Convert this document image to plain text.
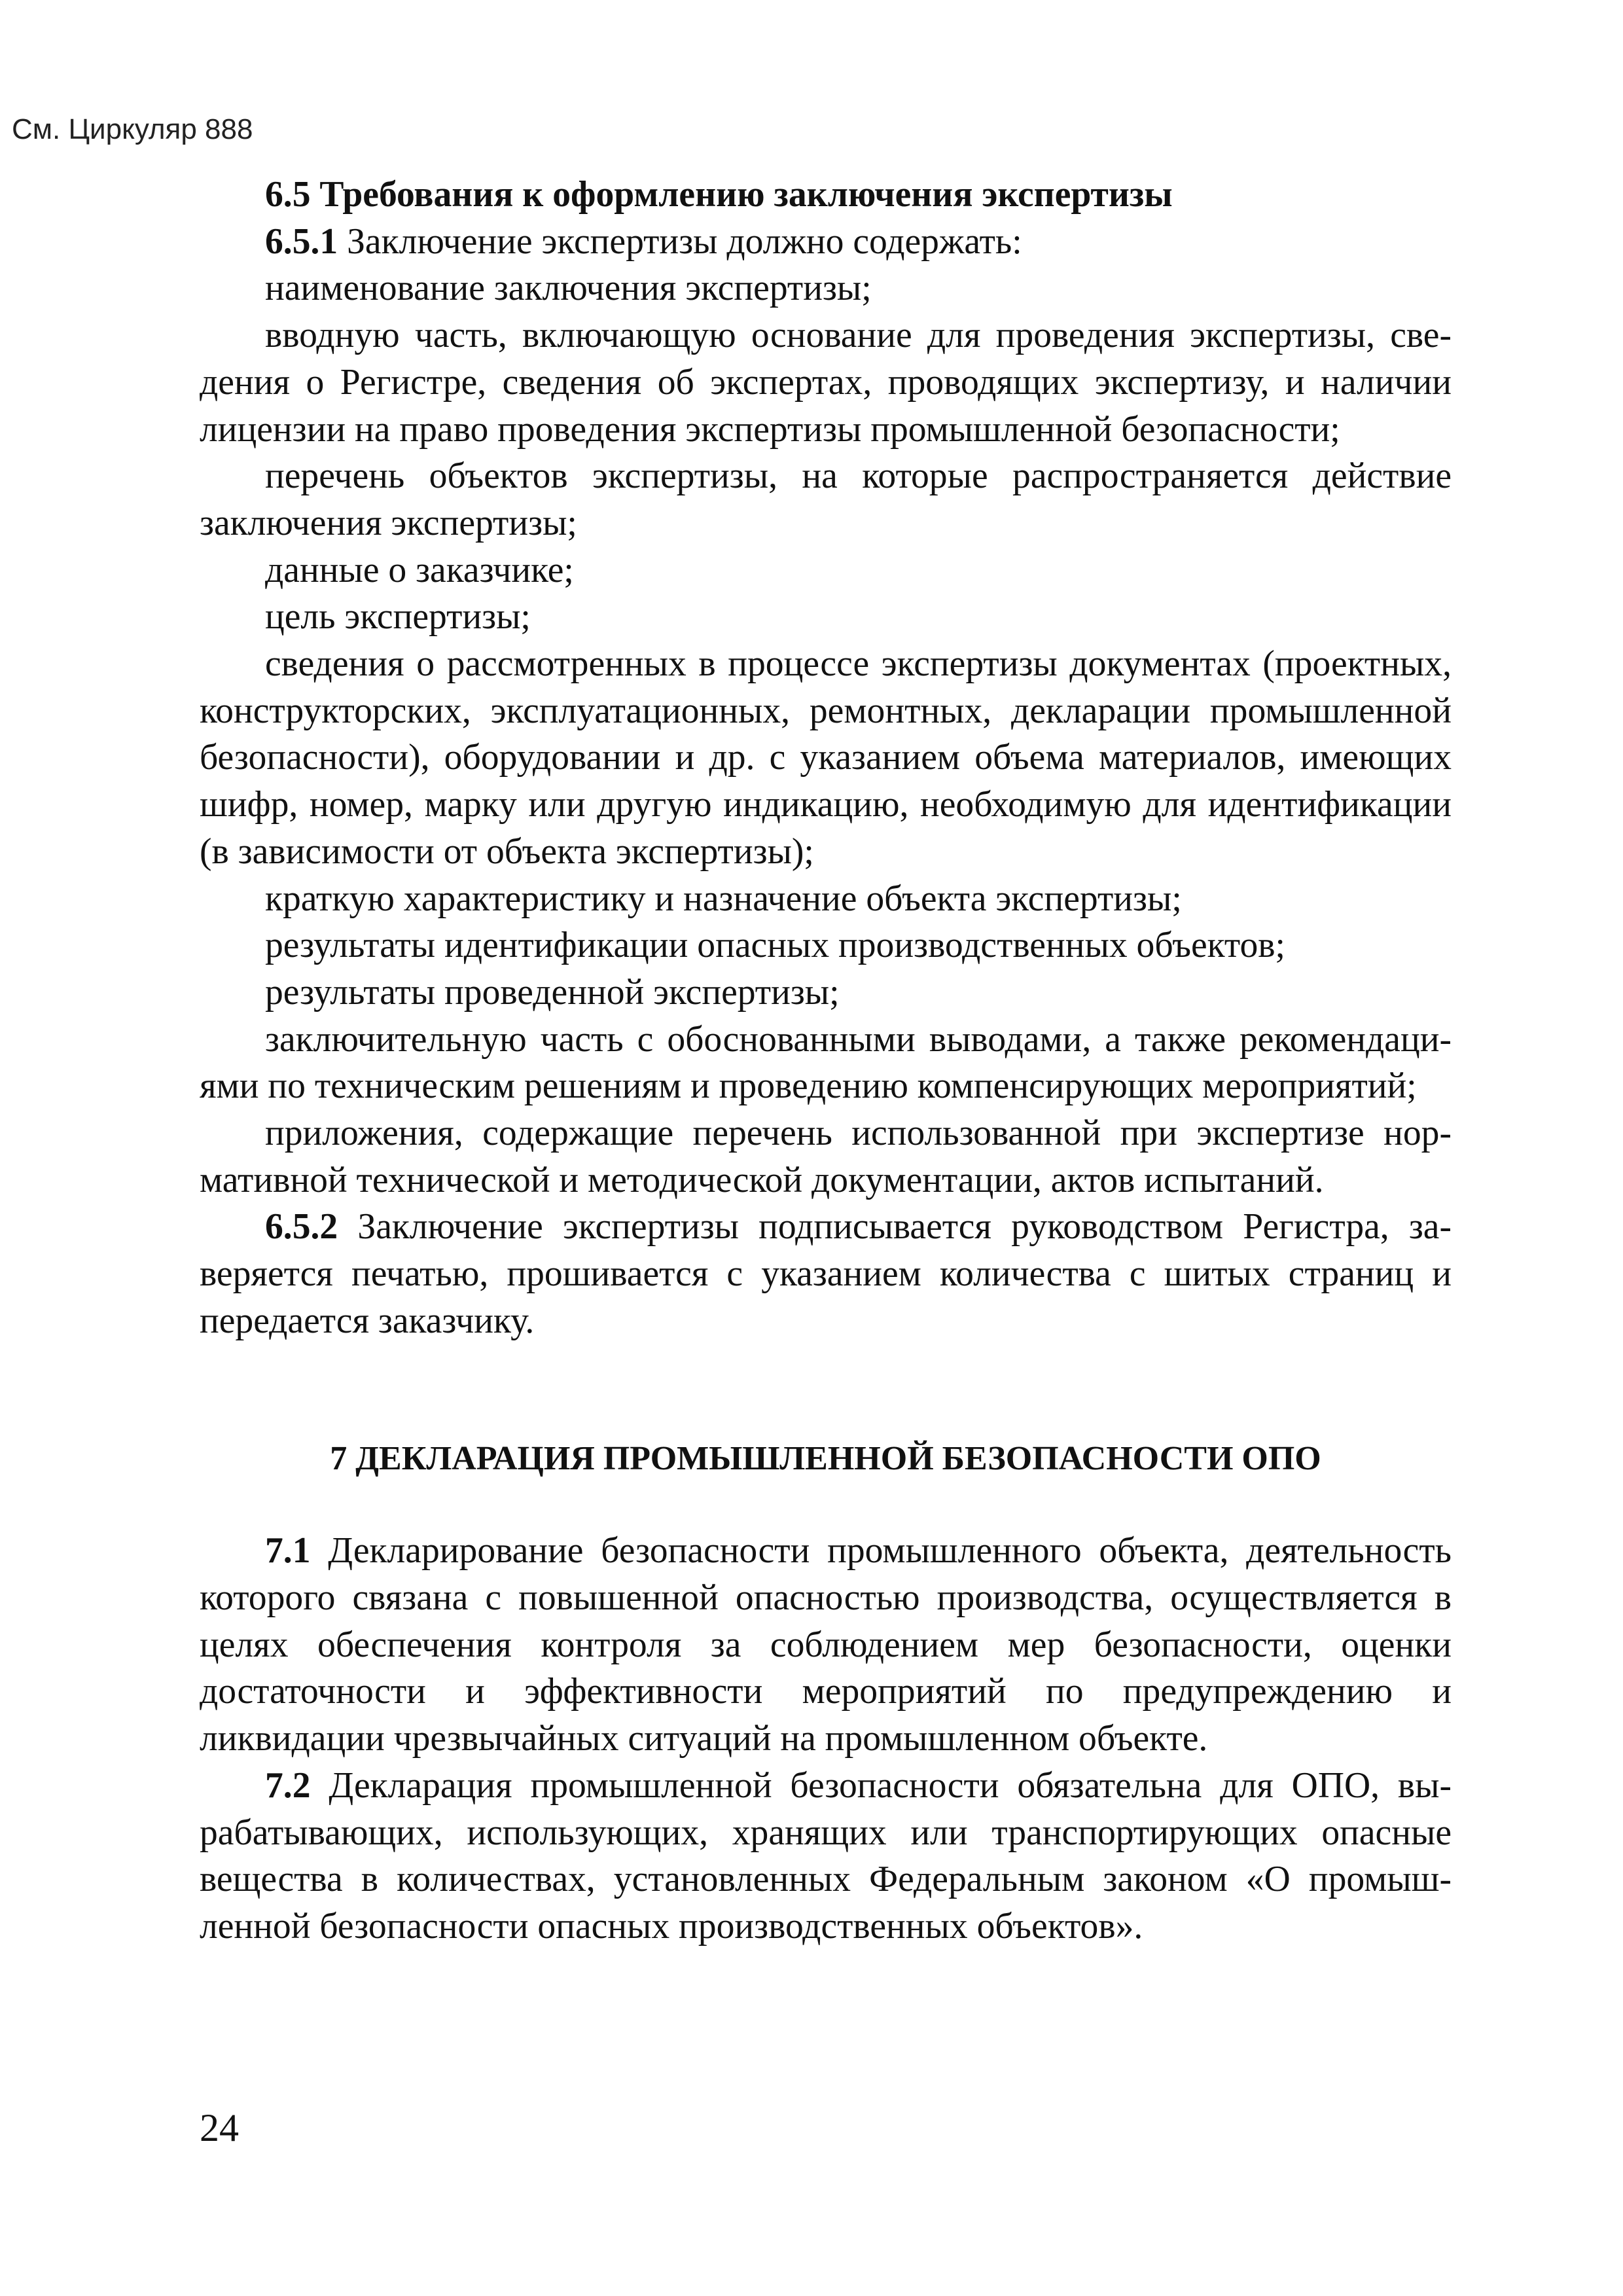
См. Циркуляр 888

6.5 Требования к оформлению заключения экспертизы

6.5.1 Заключение экспертизы должно содержать:

наименование заключения экспертизы;

вводную часть, включающую основание для проведения экспертизы, сведения о Регистре, сведения об экспертах, проводящих экспертизу, и наличии лицензии на право проведения экспертизы промышленной безопасности;

перечень объектов экспертизы, на которые распространяется действие заключения экспертизы;

данные о заказчике;

цель экспертизы;

сведения о рассмотренных в процессе экспертизы документах (проектных, конструкторских, эксплуатационных, ремонтных, декларации промышленной безопасности), оборудовании и др. с указанием объема материалов, имеющих шифр, номер, марку или другую индикацию, необходимую для идентификации (в зависимости от объекта экспертизы);

краткую характеристику и назначение объекта экспертизы;

результаты идентификации опасных производственных объектов;

результаты проведенной экспертизы;

заключительную часть с обоснованными выводами, а также рекомендациями по техническим решениям и проведению компенсирующих мероприятий;

приложения, содержащие перечень использованной при экспертизе нормативной технической и методической документации, актов испытаний.

6.5.2 Заключение экспертизы подписывается руководством Регистра, заверяется печатью, прошивается с указанием количества с шитых страниц и передается заказчику.

7 ДЕКЛАРАЦИЯ ПРОМЫШЛЕННОЙ БЕЗОПАСНОСТИ ОПО

7.1 Декларирование безопасности промышленного объекта, деятельность которого связана с повышенной опасностью производства, осуществляется в целях обеспечения контроля за соблюдением мер безопасности, оценки достаточности и эффективности мероприятий по предупреждению и ликвидации чрезвычайных ситуаций на промышленном объекте.

7.2 Декларация промышленной безопасности обязательна для ОПО, вырабатывающих, использующих, хранящих или транспортирующих опасные вещества в количествах, установленных Федеральным законом «О промышленной безопасности опасных производственных объектов».

24
